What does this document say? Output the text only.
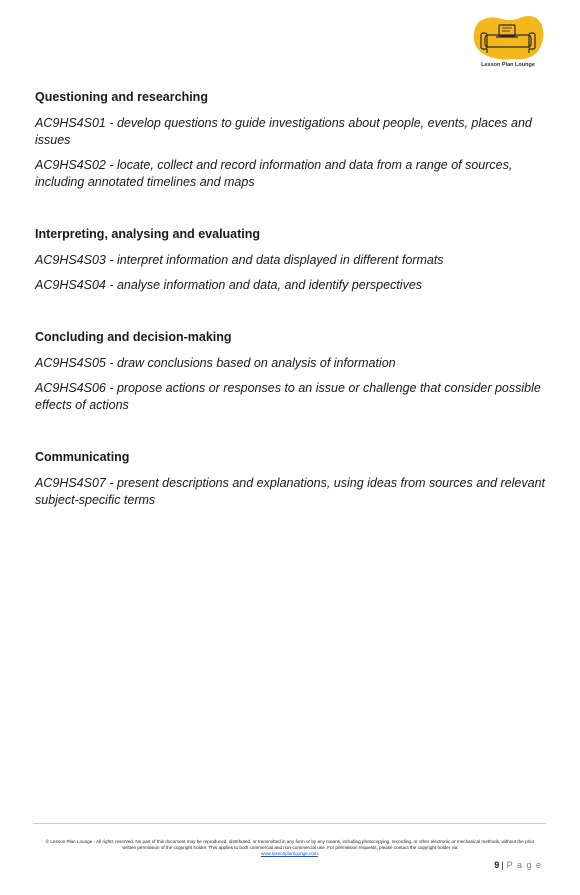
Lesson Plan Lounge
Questioning and researching

AC9HS4S01 - develop questions to guide investigations about people, events, places and issues

AC9HS4S02 - locate, collect and record information and data from a range of sources, including annotated timelines and maps

Interpreting, analysing and evaluating

AC9HS4S03 - interpret information and data displayed in different formats

AC9HS4S04 - analyse information and data, and identify perspectives

Concluding and decision-making

AC9HS4S05 - draw conclusions based on analysis of information

AC9HS4S06 - propose actions or responses to an issue or challenge that consider possible effects of actions

Communicating

AC9HS4S07 - present descriptions and explanations, using ideas from sources and relevant subject-specific terms

© Lesson Plan Lounge - All rights reserved. No part of this document may be reproduced, distributed, or transmitted in any form or by any means, including photocopying, recording, or other electronic or mechanical methods, without the prior written permission of the copyright holder. This applies to both commercial and non-commercial use. For permission requests, please contact the copyright holder via
www.lessonplanlounge.com.
9| P a g e
